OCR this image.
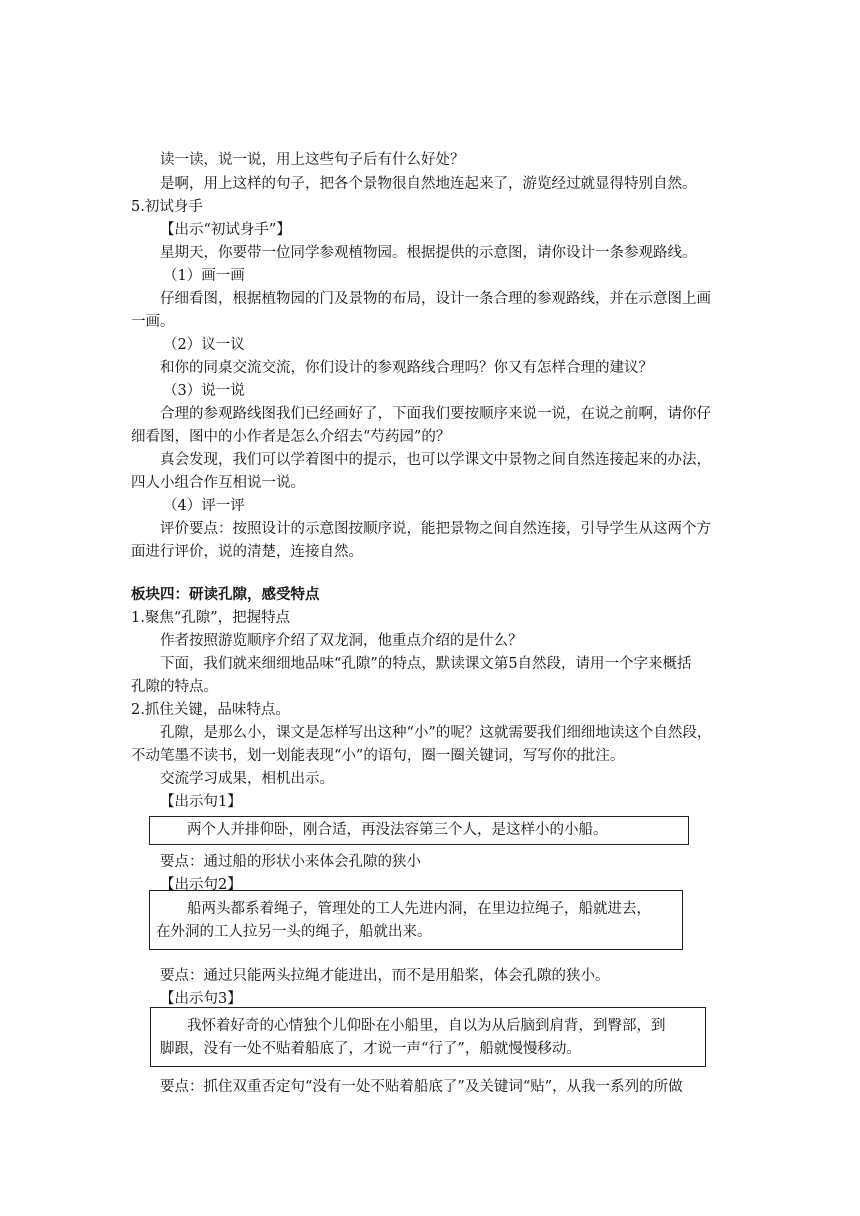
读一读，说一说，用上这些句子后有什么好处？
是啊，用上这样的句子，把各个景物很自然地连起来了，游览经过就显得特别自然。
5.初试身手
【出示“初试身手”】
星期天，你要带一位同学参观植物园。根据提供的示意图，请你设计一条参观路线。
（1）画一画
仔细看图，根据植物园的门及景物的布局，设计一条合理的参观路线，并在示意图上画
一画。
（2）议一议
和你的同桌交流交流，你们设计的参观路线合理吗？你又有怎样合理的建议？
（3）说一说
合理的参观路线图我们已经画好了，下面我们要按顺序来说一说，在说之前啊，请你仔
细看图，图中的小作者是怎么介绍去“芍药园”的？
真会发现，我们可以学着图中的提示，也可以学课文中景物之间自然连接起来的办法，
四人小组合作互相说一说。
（4）评一评
评价要点：按照设计的示意图按顺序说，能把景物之间自然连接，引导学生从这两个方
面进行评价，说的清楚，连接自然。
板块四：研读孔隙，感受特点
1.聚焦“孔隙”，把握特点
作者按照游览顺序介绍了双龙洞，他重点介绍的是什么？
下面，我们就来细细地品味“孔隙”的特点，默读课文第5自然段，请用一个字来概括
孔隙的特点。
2.抓住关键，品味特点。
孔隙，是那么小，课文是怎样写出这种“小”的呢？这就需要我们细细地读这个自然段，
不动笔墨不读书，划一划能表现“小”的语句，圈一圈关键词，写写你的批注。
交流学习成果，相机出示。
【出示句1】
两个人并排仰卧，刚合适，再没法容第三个人，是这样小的小船。
要点：通过船的形状小来体会孔隙的狭小
【出示句2】
船两头都系着绳子，管理处的工人先进内洞，在里边拉绳子，船就进去，
在外洞的工人拉另一头的绳子，船就出来。
要点：通过只能两头拉绳才能进出，而不是用船桨，体会孔隙的狭小。
【出示句3】
我怀着好奇的心情独个儿仰卧在小船里，自以为从后脑到肩背，到臀部，到
脚跟，没有一处不贴着船底了，才说一声“行了”，船就慢慢移动。
要点：抓住双重否定句“没有一处不贴着船底了”及关键词“贴”，从我一系列的所做
